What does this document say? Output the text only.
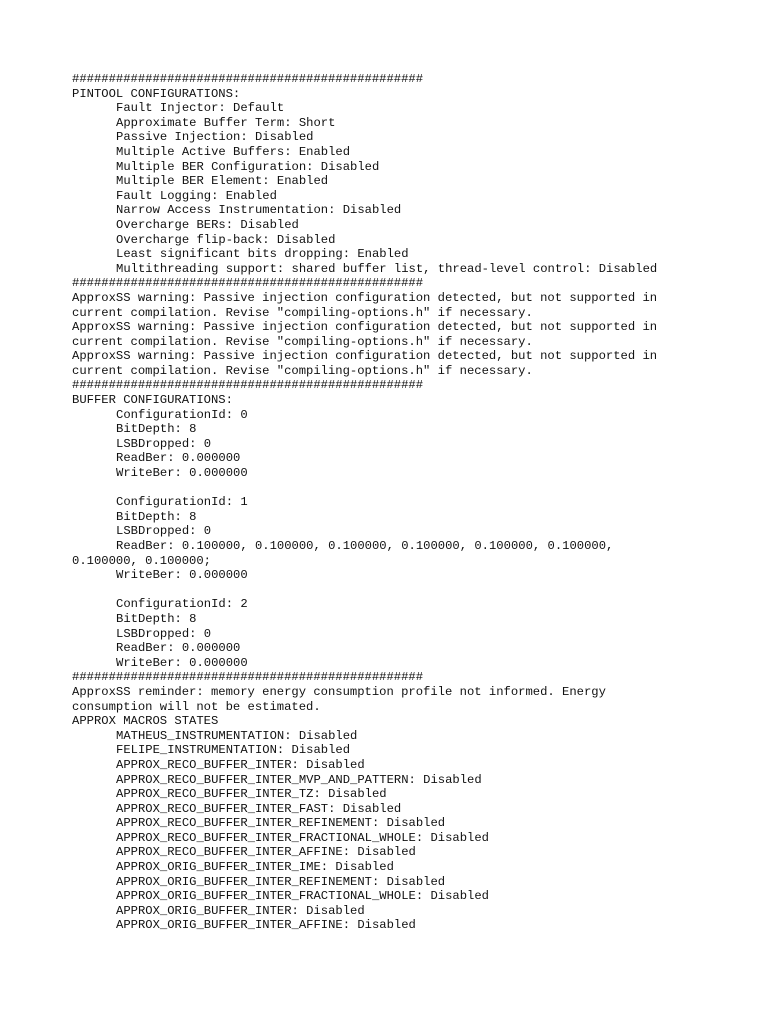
################################################
PINTOOL CONFIGURATIONS:
Fault Injector: Default
Approximate Buffer Term: Short
Passive Injection: Disabled
Multiple Active Buffers: Enabled
Multiple BER Configuration: Disabled
Multiple BER Element: Enabled
Fault Logging: Enabled
Narrow Access Instrumentation: Disabled
Overcharge BERs: Disabled
Overcharge flip-back: Disabled
Least significant bits dropping: Enabled
Multithreading support: shared buffer list, thread-level control: Disabled
################################################
ApproxSS warning: Passive injection configuration detected, but not supported in
current compilation. Revise "compiling-options.h" if necessary.
ApproxSS warning: Passive injection configuration detected, but not supported in
current compilation. Revise "compiling-options.h" if necessary.
ApproxSS warning: Passive injection configuration detected, but not supported in
current compilation. Revise "compiling-options.h" if necessary.
################################################
BUFFER CONFIGURATIONS:
ConfigurationId: 0
BitDepth: 8
LSBDropped: 0
ReadBer: 0.000000
WriteBer: 0.000000
ConfigurationId: 1
BitDepth: 8
LSBDropped: 0
ReadBer: 0.100000, 0.100000, 0.100000, 0.100000, 0.100000, 0.100000,
0.100000, 0.100000;
WriteBer: 0.000000
ConfigurationId: 2
BitDepth: 8
LSBDropped: 0
ReadBer: 0.000000
WriteBer: 0.000000
################################################
ApproxSS reminder: memory energy consumption profile not informed. Energy
consumption will not be estimated.
APPROX MACROS STATES
MATHEUS_INSTRUMENTATION: Disabled
FELIPE_INSTRUMENTATION: Disabled
APPROX_RECO_BUFFER_INTER: Disabled
APPROX_RECO_BUFFER_INTER_MVP_AND_PATTERN: Disabled
APPROX_RECO_BUFFER_INTER_TZ: Disabled
APPROX_RECO_BUFFER_INTER_FAST: Disabled
APPROX_RECO_BUFFER_INTER_REFINEMENT: Disabled
APPROX_RECO_BUFFER_INTER_FRACTIONAL_WHOLE: Disabled
APPROX_RECO_BUFFER_INTER_AFFINE: Disabled
APPROX_ORIG_BUFFER_INTER_IME: Disabled
APPROX_ORIG_BUFFER_INTER_REFINEMENT: Disabled
APPROX_ORIG_BUFFER_INTER_FRACTIONAL_WHOLE: Disabled
APPROX_ORIG_BUFFER_INTER: Disabled
APPROX_ORIG_BUFFER_INTER_AFFINE: Disabled
